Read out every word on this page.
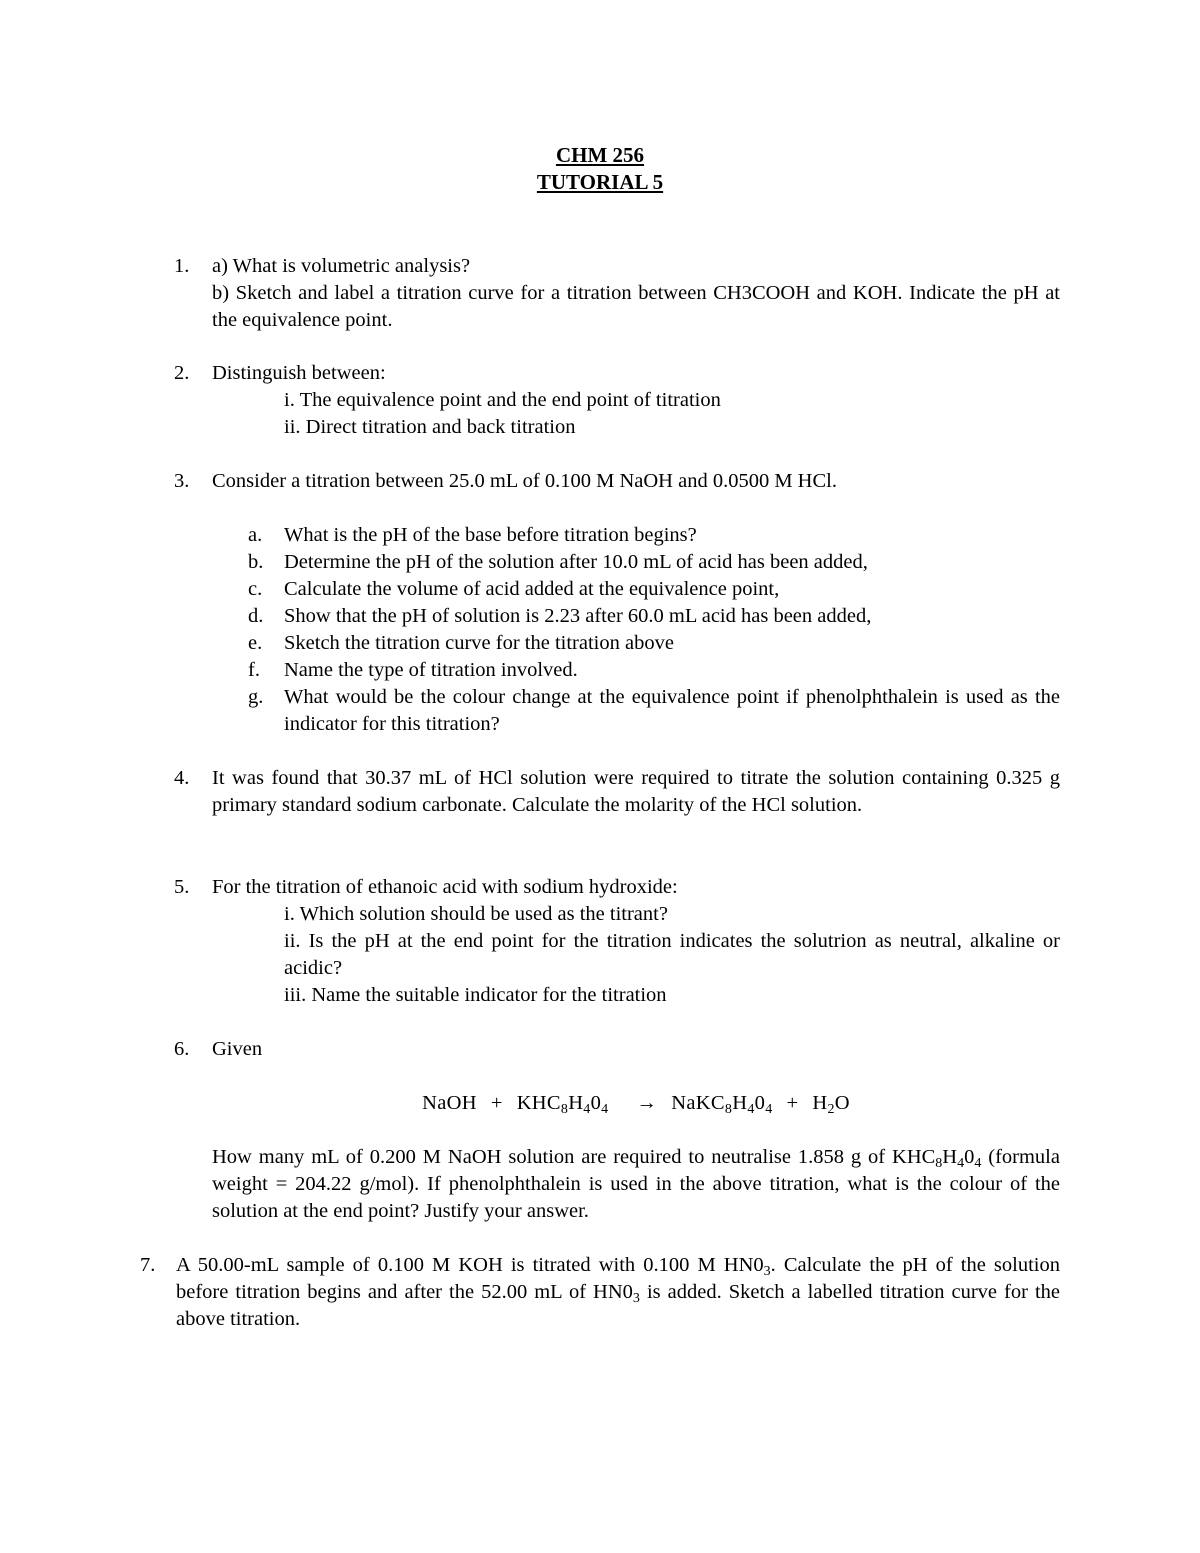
CHM 256
TUTORIAL 5
1. a) What is volumetric analysis?
b) Sketch and label a titration curve for a titration between CH3COOH and KOH. Indicate the pH at the equivalence point.
2. Distinguish between:
i. The equivalence point and the end point of titration
ii. Direct titration and back titration
3. Consider a titration between 25.0 mL of 0.100 M NaOH and 0.0500 M HCl.
a. What is the pH of the base before titration begins?
b. Determine the pH of the solution after 10.0 mL of acid has been added,
c. Calculate the volume of acid added at the equivalence point,
d. Show that the pH of solution is 2.23 after 60.0 mL acid has been added,
e. Sketch the titration curve for the titration above
f. Name the type of titration involved.
g. What would be the colour change at the equivalence point if phenolphthalein is used as the indicator for this titration?
4. It was found that 30.37 mL of HCl solution were required to titrate the solution containing 0.325 g primary standard sodium carbonate. Calculate the molarity of the HCl solution.
5. For the titration of ethanoic acid with sodium hydroxide:
i. Which solution should be used as the titrant?
ii. Is the pH at the end point for the titration indicates the solutrion as neutral, alkaline or acidic?
iii. Name the suitable indicator for the titration
6. Given
NaOH + KHC8H404 → NaKC8H404 + H2O
How many mL of 0.200 M NaOH solution are required to neutralise 1.858 g of KHC8H404 (formula weight = 204.22 g/mol). If phenolphthalein is used in the above titration, what is the colour of the solution at the end point? Justify your answer.
7. A 50.00-mL sample of 0.100 M KOH is titrated with 0.100 M HN03. Calculate the pH of the solution before titration begins and after the 52.00 mL of HN03 is added. Sketch a labelled titration curve for the above titration.
